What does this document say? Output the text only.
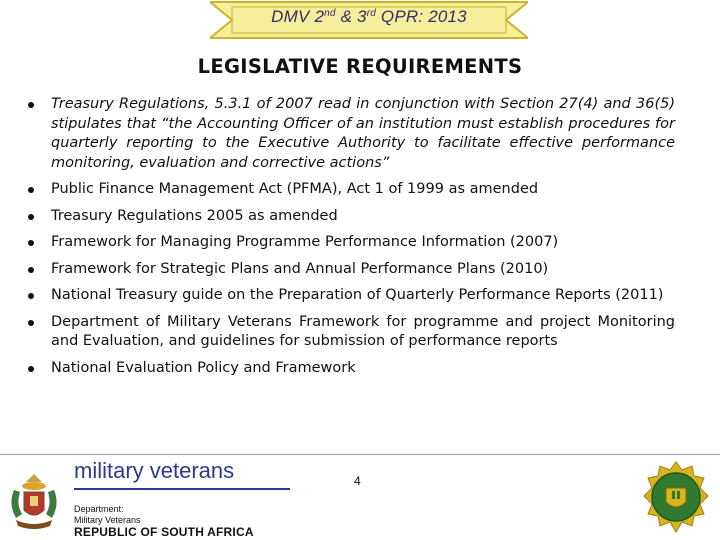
DMV 2nd & 3rd QPR: 2013
LEGISLATIVE REQUIREMENTS
Treasury Regulations, 5.3.1 of 2007 read in conjunction with Section 27(4) and 36(5) stipulates that “the Accounting Officer of an institution must establish procedures for quarterly reporting to the Executive Authority to facilitate effective performance monitoring, evaluation and corrective actions”
Public Finance Management Act (PFMA), Act 1 of 1999 as amended
Treasury Regulations 2005 as amended
Framework for Managing Programme Performance Information (2007)
Framework for Strategic Plans and Annual Performance Plans (2010)
National Treasury guide on the Preparation of Quarterly Performance Reports (2011)
Department of Military Veterans Framework for programme and project Monitoring and Evaluation, and guidelines for submission of performance reports
National Evaluation Policy and Framework
military veterans
Department:
Military Veterans
REPUBLIC OF SOUTH AFRICA
4
